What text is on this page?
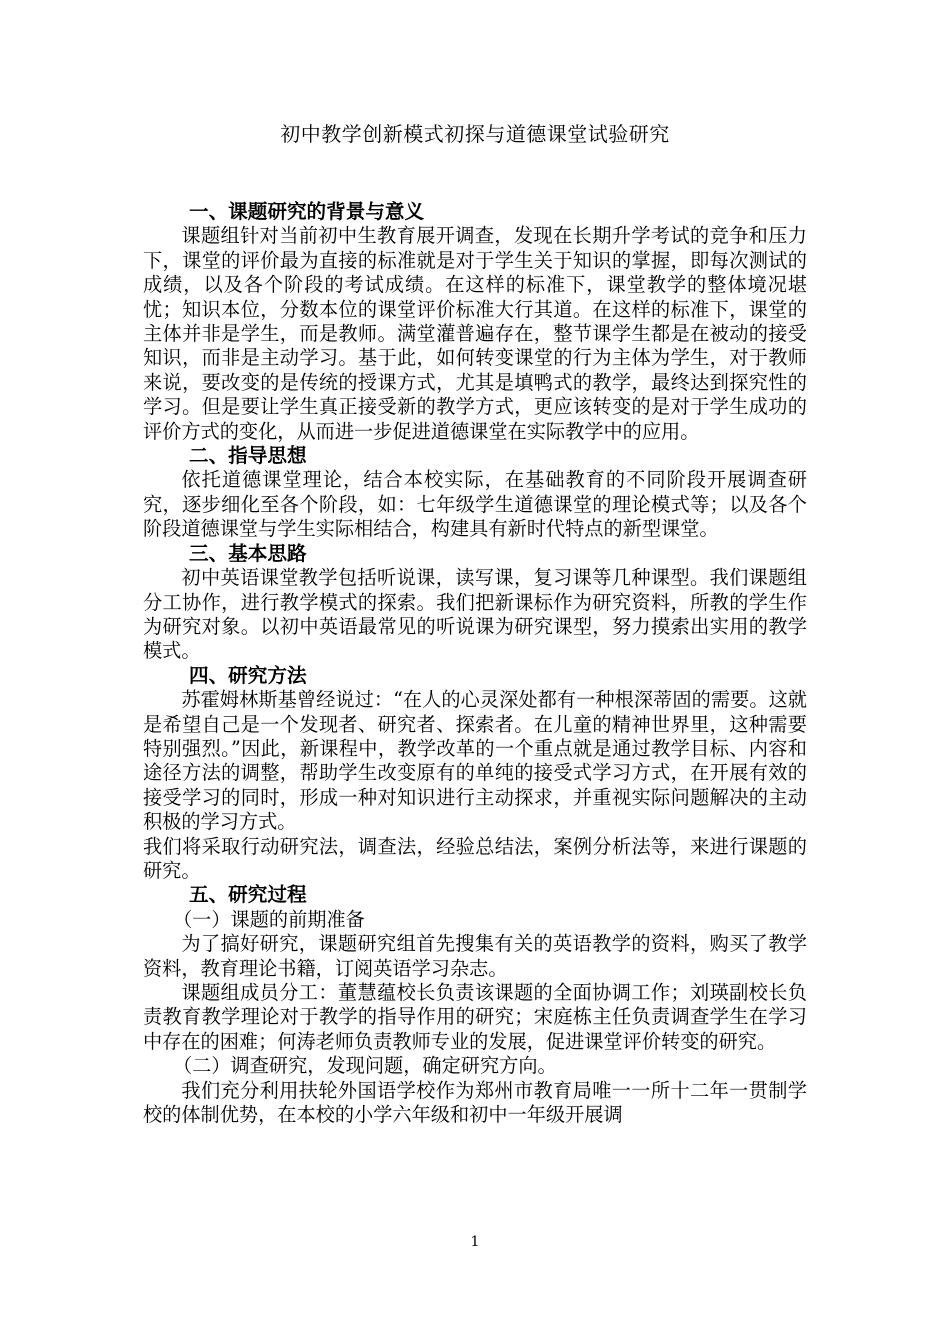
初中教学创新模式初探与道德课堂试验研究
一、课题研究的背景与意义

课题组针对当前初中生教育展开调查，发现在长期升学考试的竞争和压力下，课堂的评价最为直接的标准就是对于学生关于知识的掌握，即每次测试的成绩，以及各个阶段的考试成绩。在这样的标准下，课堂教学的整体境况堪忧；知识本位，分数本位的课堂评价标准大行其道。在这样的标准下，课堂的主体并非是学生，而是教师。满堂灌普遍存在，整节课学生都是在被动的接受知识，而非是主动学习。基于此，如何转变课堂的行为主体为学生，对于教师来说，要改变的是传统的授课方式，尤其是填鸭式的教学，最终达到探究性的学习。但是要让学生真正接受新的教学方式，更应该转变的是对于学生成功的评价方式的变化，从而进一步促进道德课堂在实际教学中的应用。

二、指导思想

依托道德课堂理论，结合本校实际，在基础教育的不同阶段开展调查研究，逐步细化至各个阶段，如：七年级学生道德课堂的理论模式等；以及各个阶段道德课堂与学生实际相结合，构建具有新时代特点的新型课堂。

三、基本思路

初中英语课堂教学包括听说课，读写课，复习课等几种课型。我们课题组分工协作，进行教学模式的探索。我们把新课标作为研究资料，所教的学生作为研究对象。以初中英语最常见的听说课为研究课型，努力摸索出实用的教学模式。

四、研究方法

苏霍姆林斯基曾经说过：“在人的心灵深处都有一种根深蒂固的需要。这就是希望自己是一个发现者、研究者、探索者。在儿童的精神世界里，这种需要特别强烈。”因此，新课程中，教学改革的一个重点就是通过教学目标、内容和途径方法的调整，帮助学生改变原有的单纯的接受式学习方式，在开展有效的接受学习的同时，形成一种对知识进行主动探求，并重视实际问题解决的主动积极的学习方式。

我们将采取行动研究法，调查法，经验总结法，案例分析法等，来进行课题的研究。

五、研究过程
（一）课题的前期准备

为了搞好研究，课题研究组首先搜集有关的英语教学的资料，购买了教学资料，教育理论书籍，订阅英语学习杂志。

课题组成员分工：董慧蕴校长负责该课题的全面协调工作；刘瑛副校长负责教育教学理论对于教学的指导作用的研究；宋庭栋主任负责调查学生在学习中存在的困难；何涛老师负责教师专业的发展，促进课堂评价转变的研究。

（二）调查研究，发现问题，确定研究方向。

我们充分利用扶轮外国语学校作为郑州市教育局唯一一所十二年一贯制学校的体制优势，在本校的小学六年级和初中一年级开展调

1
